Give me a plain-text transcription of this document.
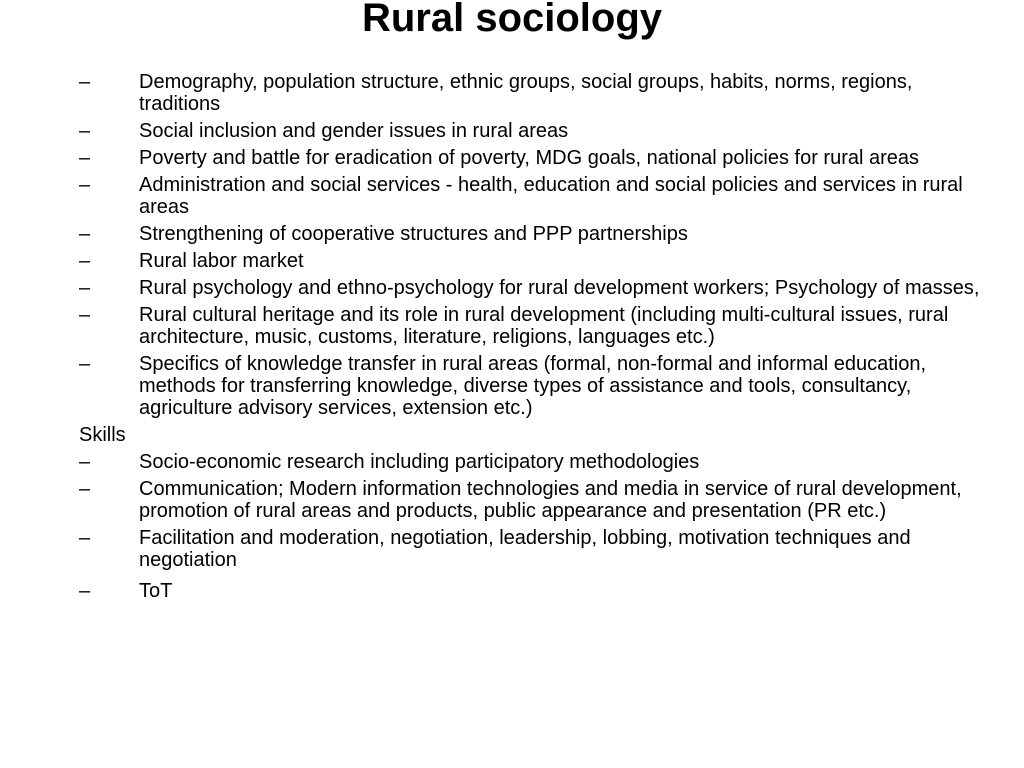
Rural sociology
–	Demography, population structure, ethnic groups, social groups, habits, norms, regions, traditions
–	Social inclusion and gender issues in rural areas
–	Poverty and battle for eradication of poverty, MDG goals, national policies for rural areas
–	Administration and social services - health, education and social policies and services in rural areas
–	Strengthening of cooperative structures and PPP partnerships
–	Rural labor market
–	Rural psychology and ethno-psychology for rural development workers; Psychology of masses,
–	Rural cultural heritage and its role in rural development (including multi-cultural issues, rural architecture, music, customs, literature, religions, languages etc.)
–	Specifics of knowledge transfer in rural areas (formal, non-formal and informal education, methods for transferring knowledge, diverse types of assistance and tools, consultancy, agriculture advisory services, extension etc.)
Skills
–	Socio-economic research including participatory methodologies
–	Communication; Modern information technologies and media in service of rural development, promotion of rural areas and products, public appearance and presentation (PR etc.)
–	Facilitation and moderation, negotiation, leadership, lobbing, motivation techniques and negotiation
–	ToT
